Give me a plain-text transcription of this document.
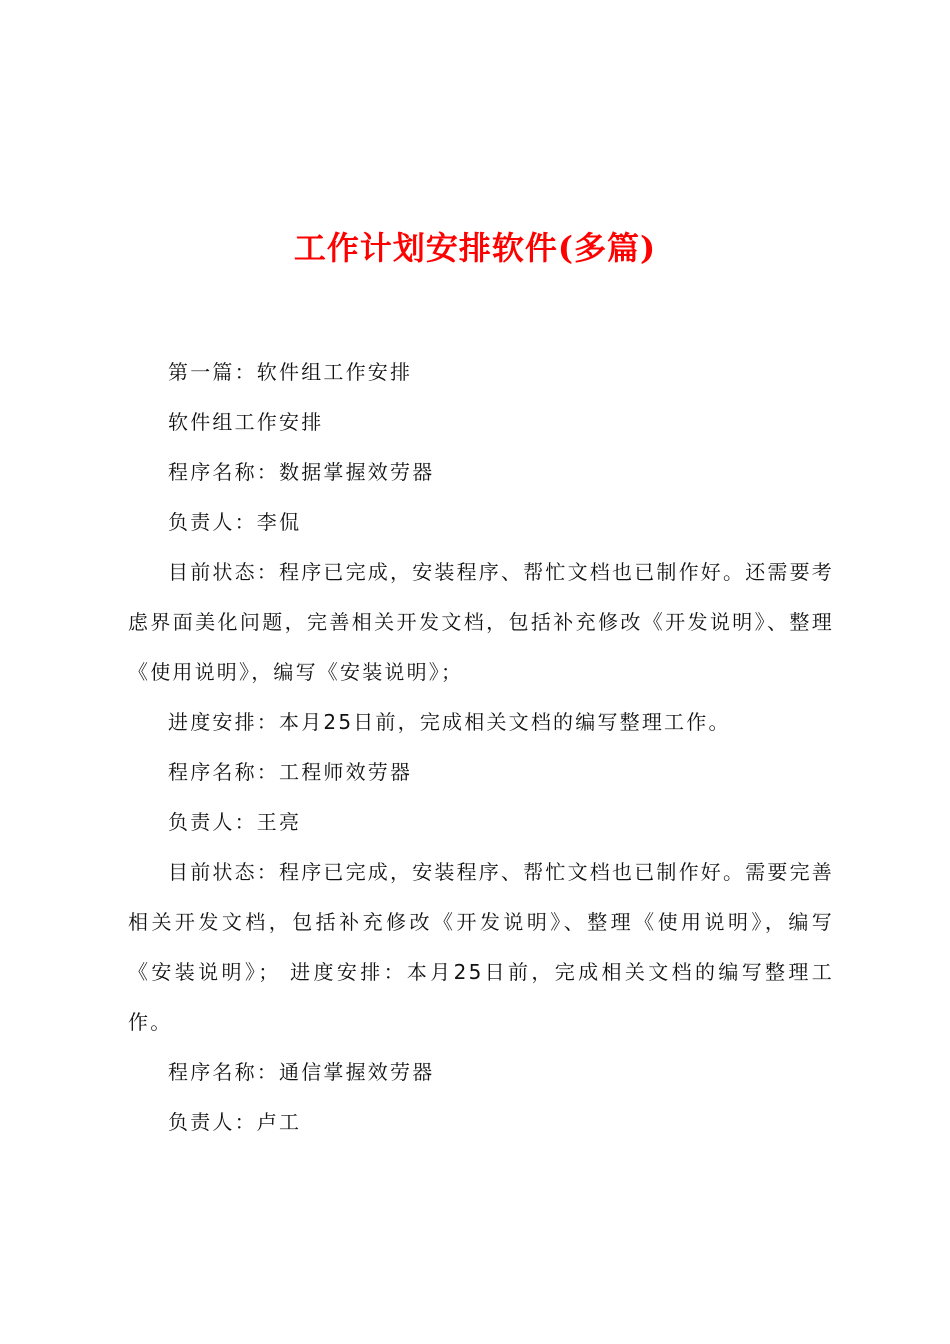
工作计划安排软件(多篇)

第一篇：软件组工作安排

软件组工作安排

程序名称：数据掌握效劳器

负责人：李侃

目前状态：程序已完成，安装程序、帮忙文档也已制作好。还需要考虑界面美化问题，完善相关开发文档，包括补充修改《开发说明》、整理《使用说明》，编写《安装说明》；

进度安排：本月25日前，完成相关文档的编写整理工作。

程序名称：工程师效劳器

负责人：王亮

目前状态：程序已完成，安装程序、帮忙文档也已制作好。需要完善相关开发文档，包括补充修改《开发说明》、整理《使用说明》，编写《安装说明》； 进度安排：本月25日前，完成相关文档的编写整理工作。

程序名称：通信掌握效劳器

负责人：卢工
